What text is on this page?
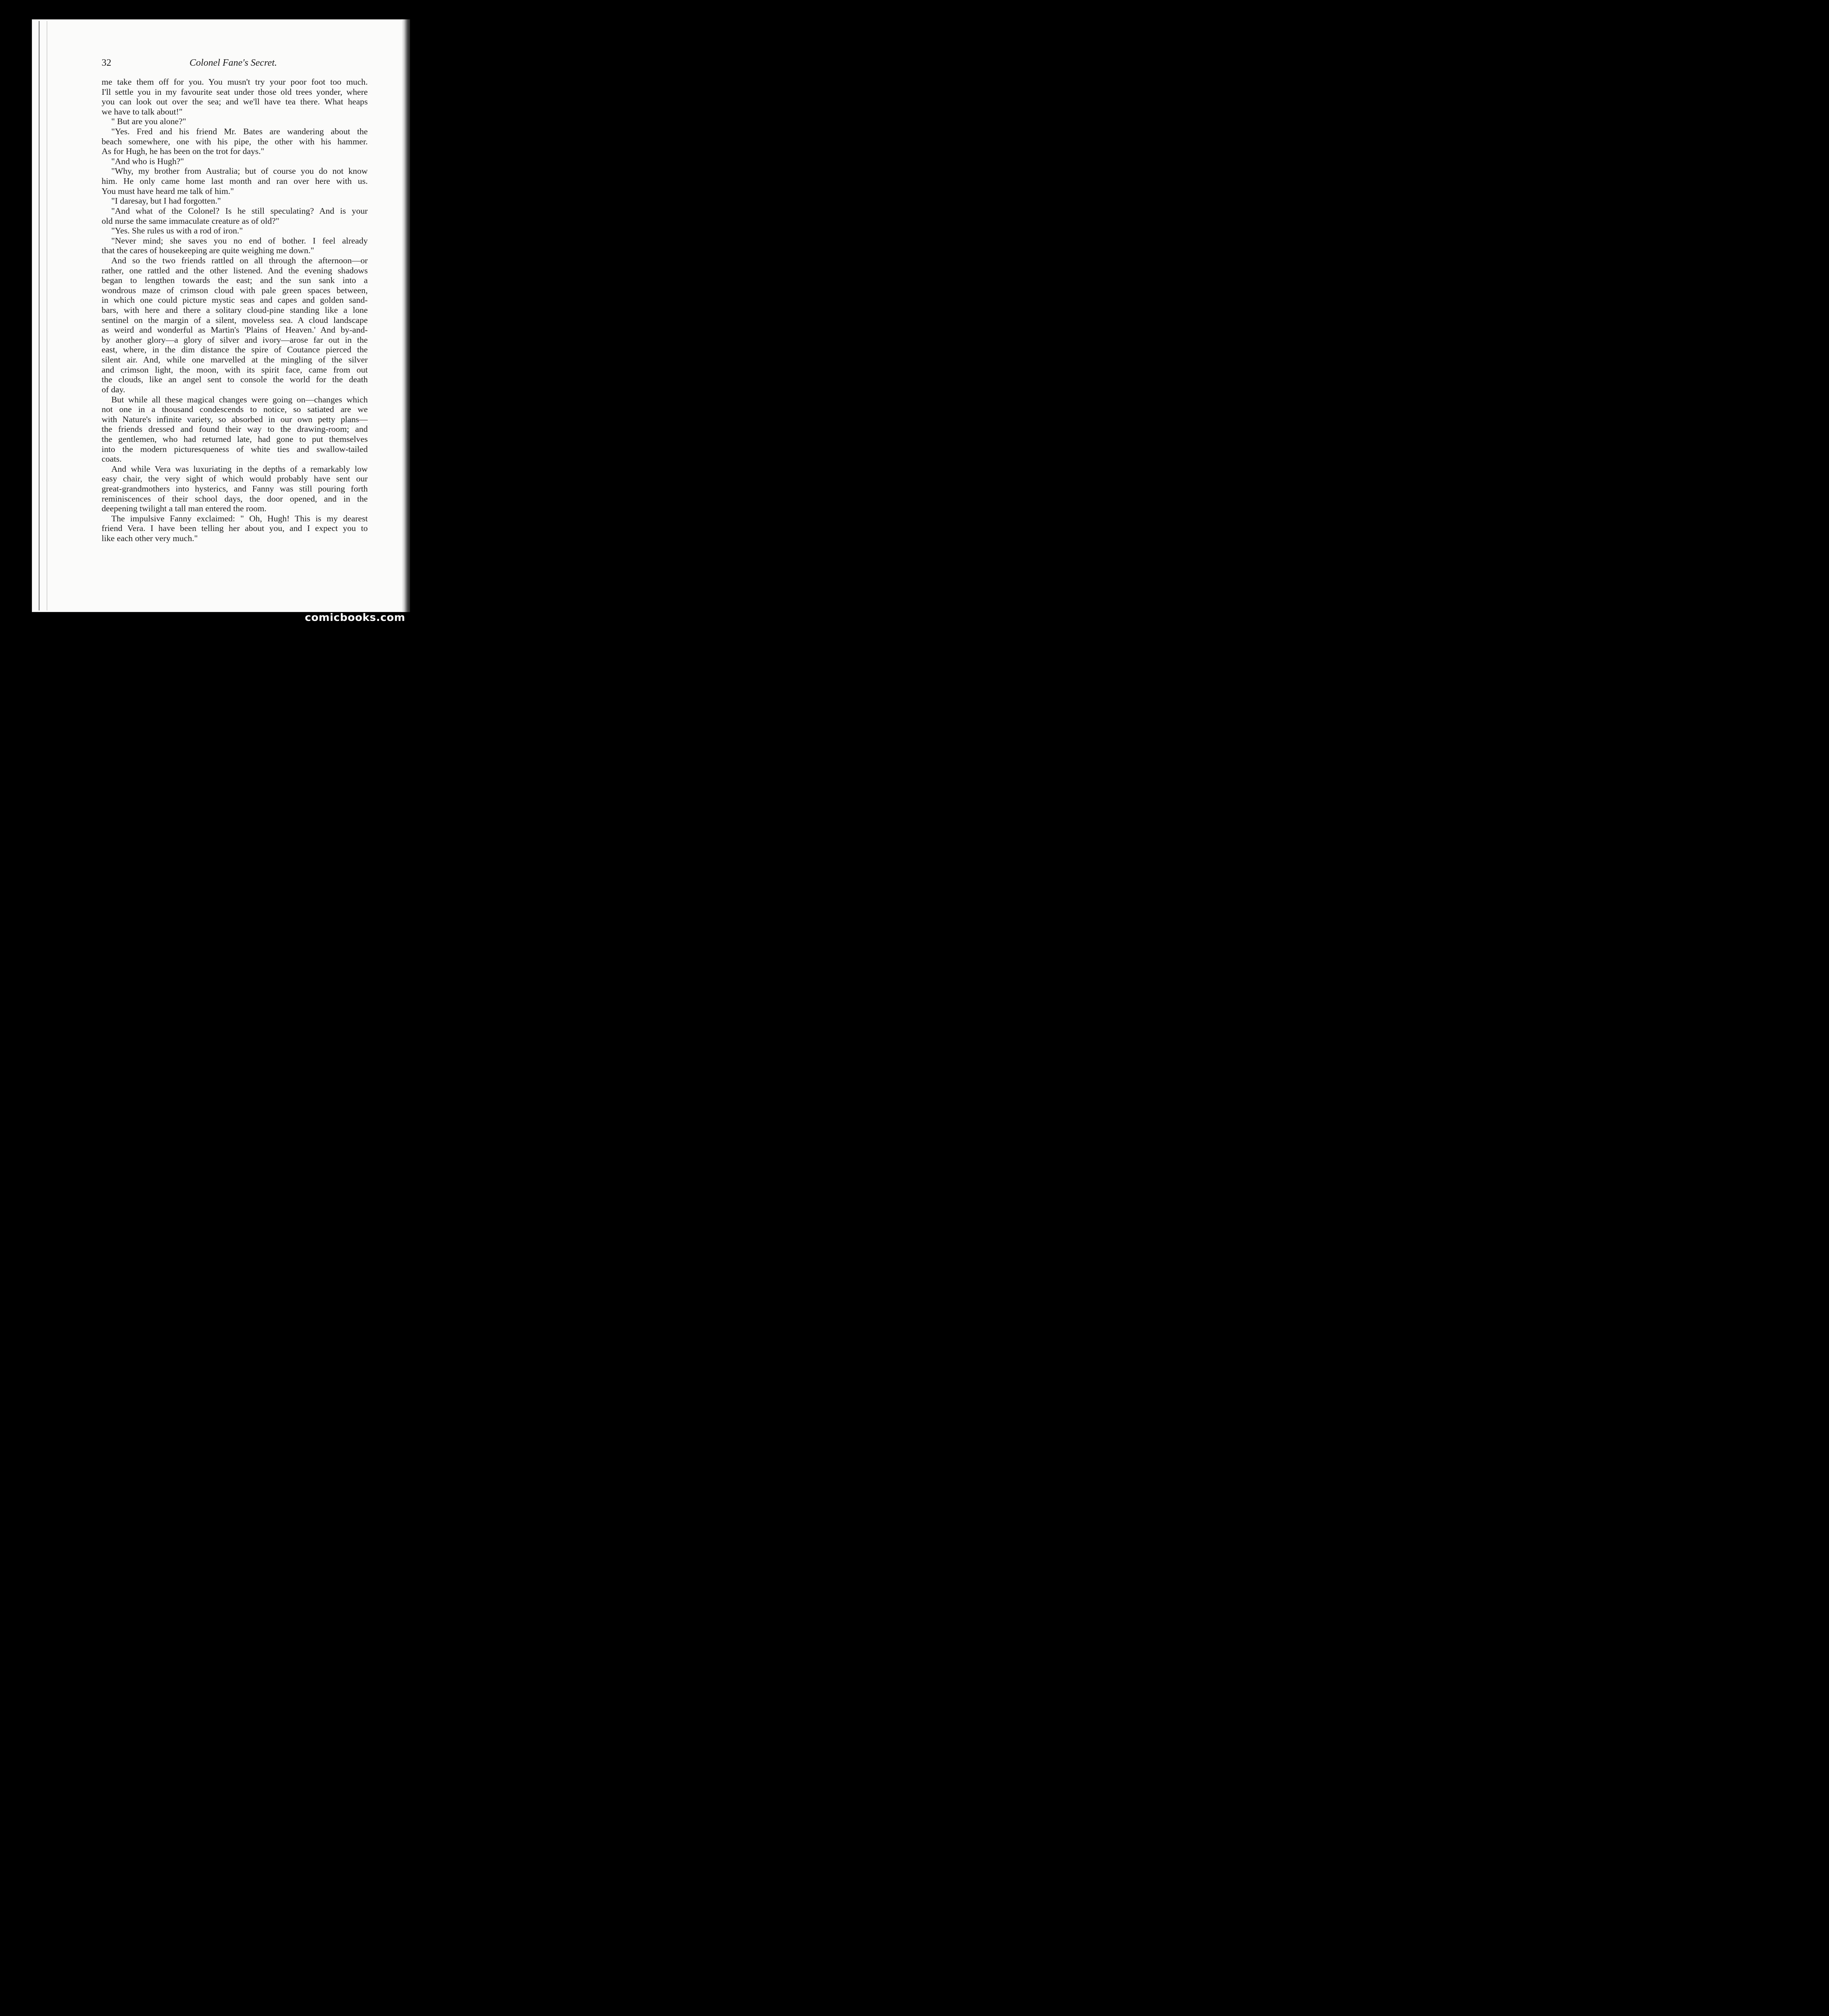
32	Colonel Fane's Secret.
me take them off for you. You musn't try your poor foot too much.
I'll settle you in my favourite seat under those old trees yonder, where
you can look out over the sea; and we'll have tea there. What heaps
we have to talk about!"
" But are you alone?"
"Yes. Fred and his friend Mr. Bates are wandering about the
beach somewhere, one with his pipe, the other with his hammer.
As for Hugh, he has been on the trot for days."
"And who is Hugh?"
"Why, my brother from Australia; but of course you do not know
him. He only came home last month and ran over here with us.
You must have heard me talk of him."
"I daresay, but I had forgotten."
"And what of the Colonel? Is he still speculating? And is your
old nurse the same immaculate creature as of old?"
"Yes. She rules us with a rod of iron."
"Never mind; she saves you no end of bother. I feel already
that the cares of housekeeping are quite weighing me down."
And so the two friends rattled on all through the afternoon—or
rather, one rattled and the other listened. And the evening shadows
began to lengthen towards the east; and the sun sank into a
wondrous maze of crimson cloud with pale green spaces between,
in which one could picture mystic seas and capes and golden sand-
bars, with here and there a solitary cloud-pine standing like a lone
sentinel on the margin of a silent, moveless sea. A cloud landscape
as weird and wonderful as Martin's 'Plains of Heaven.' And by-and-
by another glory—a glory of silver and ivory—arose far out in the
east, where, in the dim distance the spire of Coutance pierced the
silent air. And, while one marvelled at the mingling of the silver
and crimson light, the moon, with its spirit face, came from out
the clouds, like an angel sent to console the world for the death
of day.
But while all these magical changes were going on—changes which
not one in a thousand condescends to notice, so satiated are we
with Nature's infinite variety, so absorbed in our own petty plans—
the friends dressed and found their way to the drawing-room; and
the gentlemen, who had returned late, had gone to put themselves
into the modern picturesqueness of white ties and swallow-tailed
coats.
And while Vera was luxuriating in the depths of a remarkably low
easy chair, the very sight of which would probably have sent our
great-grandmothers into hysterics, and Fanny was still pouring forth
reminiscences of their school days, the door opened, and in the
deepening twilight a tall man entered the room.
The impulsive Fanny exclaimed: " Oh, Hugh! This is my dearest
friend Vera. I have been telling her about you, and I expect you to
like each other very much."
comicbooks.com
